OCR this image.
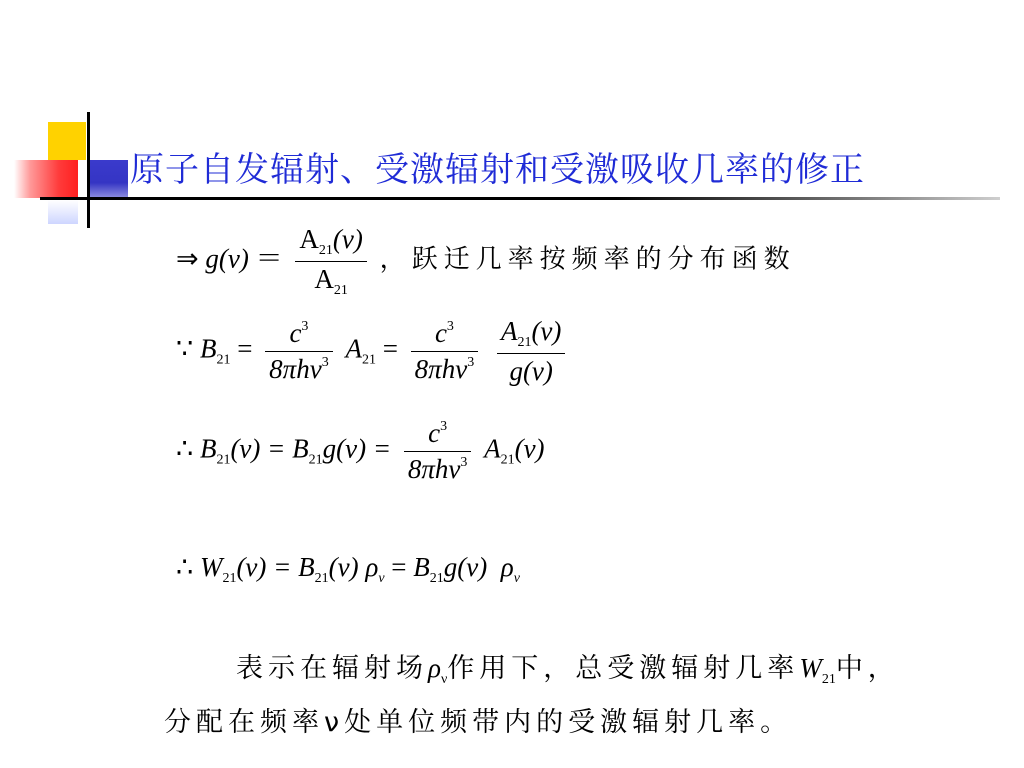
原子自发辐射、受激辐射和受激吸收几率的修正
⇒ $g(\nu) = \frac{A_{21}(\nu)}{A_{21}}$ ，跃迁几率按频率的分布函数
∵ $B_{21} = \frac{c^3}{8\pi h\nu^3} A_{21} = \frac{c^3}{8\pi h\nu^3}$
$\frac{A_{21}(\nu)}{g(\nu)}$
∴ $B_{21}(\nu) = B_{21}g(\nu) = \frac{c^3}{8\pi h\nu^3} A_{21}(\nu)$
∴ $W_{21}(\nu) = B_{21}(\nu) \rho_\nu = B_{21}g(\nu)$ $\rho_\nu$
表示在辐射场$\rho_\nu$作用下，总受激辐射几率$W_{21}$中，
分配在频率ν处单位频带内的受激辐射几率。
